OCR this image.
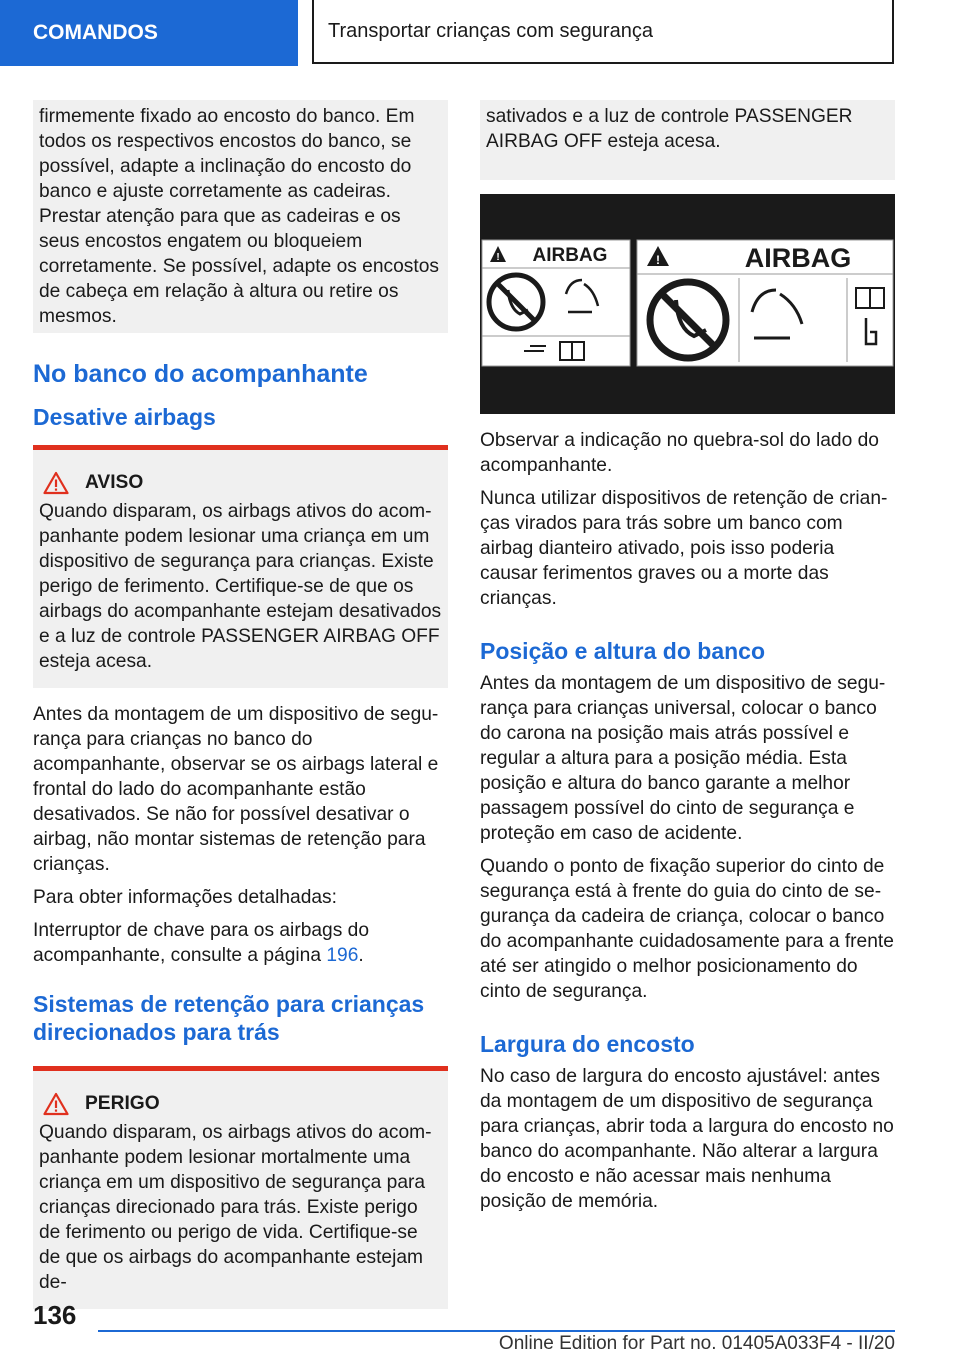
COMANDOS	Transportar crianças com segurança

firmemente fixado ao encosto do banco. Em todos os respectivos encostos do banco, se possível, adapte a inclinação do encosto do banco e ajuste corretamente as cadeiras. Prestar atenção para que as cadeiras e os seus encostos engatem ou bloqueiem corretamente. Se possível, adapte os encostos de cabeça em relação à altura ou retire os mesmos.

No banco do acompanhante
Desative airbags
AVISO

Quando disparam, os airbags ativos do acompanhante podem lesionar uma criança em um dispositivo de segurança para crianças. Existe perigo de ferimento. Certifique-se de que os airbags do acompanhante estejam desativados e a luz de controle PASSENGER AIRBAG OFF esteja acesa.

Antes da montagem de um dispositivo de segurança para crianças no banco do acompanhante, observar se os airbags lateral e frontal do lado do acompanhante estão desativados. Se não for possível desativar o airbag, não montar sistemas de retenção para crianças.

Para obter informações detalhadas:

Interruptor de chave para os airbags do acompanhante, consulte a página 196.

Sistemas de retenção para crianças direcionados para trás
PERIGO

Quando disparam, os airbags ativos do acompanhante podem lesionar mortalmente uma criança em um dispositivo de segurança para crianças direcionado para trás. Existe perigo de ferimento ou perigo de vida. Certifique-se de que os airbags do acompanhante estejam de-

sativados e a luz de controle PASSENGER AIRBAG OFF esteja acesa.

! AIRBAG	!	AIRBAG

Observar a indicação no quebra-sol do lado do acompanhante.

Nunca utilizar dispositivos de retenção de crianças virados para trás sobre um banco com airbag dianteiro ativado, pois isso poderia causar ferimentos graves ou a morte das crianças.

Posição e altura do banco

Antes da montagem de um dispositivo de segurança para crianças universal, colocar o banco do carona na posição mais atrás possível e regular a altura para a posição média. Esta posição e altura do banco garante a melhor passagem possível do cinto de segurança e proteção em caso de acidente.

Quando o ponto de fixação superior do cinto de segurança está à frente do guia do cinto de segurança da cadeira de criança, colocar o banco do acompanhante cuidadosamente para a frente até ser atingido o melhor posicionamento do cinto de segurança.

Largura do encosto

No caso de largura do encosto ajustável: antes da montagem de um dispositivo de segurança para crianças, abrir toda a largura do encosto no banco do acompanhante. Não alterar a largura do encosto e não acessar mais nenhuma posição de memória.

136
Online Edition for Part no. 01405A033F4 - II/20
